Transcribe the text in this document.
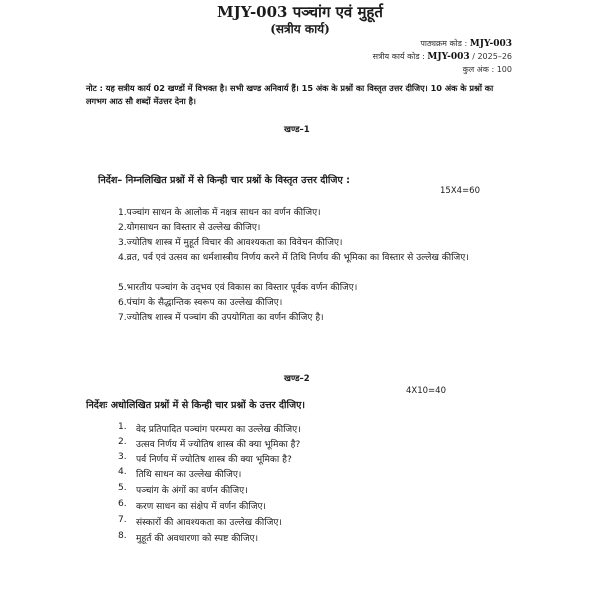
MJY-003 पञ्चांग एवं मुहूर्त
(सत्रीय कार्य)
पाठ्यक्रम कोड : MJY-003
सत्रीय कार्य कोड : MJY-003 / 2025–26
कुल अंक : 100
नोट : यह सत्रीय कार्य 02 खण्डों में विभक्त है। सभी खण्ड अनिवार्य हैं। 15 अंक के प्रश्नों का विस्तृत उत्तर दीजिए। 10 अंक के प्रश्नों का लगभग आठ सौ शब्दों मेंउत्तर देना है।
खण्ड–1
निर्देश– निम्नलिखित प्रश्नों में से किन्ही चार प्रश्नों के विस्तृत उत्तर दीजिए :
15X4=60
1.पञ्चांग साधन के आलोक में नक्षत्र साधन का वर्णन कीजिए।
2.योगसाधन का विस्तार से उल्लेख कीजिए।
3.ज्योतिष शास्त्र में मुहूर्त विचार की आवश्यकता का विवेचन कीजिए।
4.व्रत, पर्व एवं उत्सव का धर्मशास्त्रीय निर्णय करने में तिथि निर्णय की भूमिका का विस्तार से उल्लेख कीजिए।
5.भारतीय पञ्चांग के उद्‌भव एवं विकास का विस्तार पूर्वक वर्णन कीजिए।
6.पंचांग के सैद्धान्तिक स्वरूप का उल्लेख कीजिए।
7.ज्योतिष शास्त्र में पञ्चांग की उपयोगिता का वर्णन कीजिए है।
खण्ड–2
4X10=40
निर्देशः अधोलिखित प्रश्नों में से किन्ही चार प्रश्नों के उत्तर दीजिए।
1.	वेद प्रतिपादित पञ्चांग परम्परा का उल्लेख कीजिए।
2.	उत्सव निर्णय में ज्योतिष शास्त्र की क्या भूमिका है?
3.	पर्व निर्णय में ज्योतिष शास्त्र की क्या भूमिका है?
4.	तिथि साधन का उल्लेख कीजिए।
5.	पञ्चांग के अंगों का वर्णन कीजिए।
6.	करण साधन का संक्षेप में वर्णन कीजिए।
7.	संस्कारों की आवश्यकता का उल्लेख कीजिए।
8.	मुहूर्त की अवधारणा को स्पष्ट कीजिए।
